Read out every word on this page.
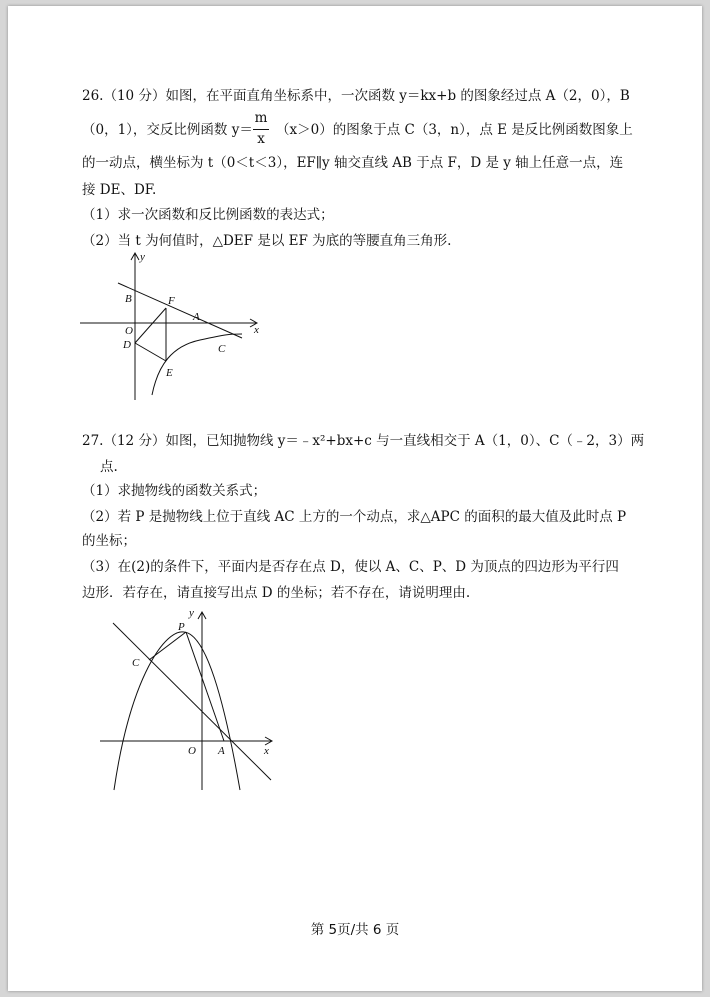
26.（10 分）如图，在平面直角坐标系中，一次函数 y＝kx+b 的图象经过点 A（2，0），B
（0，1），交反比例函数 y＝
m
x
（x＞0）的图象于点 C（3，n），点 E 是反比例函数图象上
的一动点，横坐标为 t（0＜t＜3），EF∥y 轴交直线 AB 于点 F，D 是 y 轴上任意一点，连
接 DE、DF.
（1）求一次函数和反比例函数的表达式；
（2）当 t 为何值时，△DEF 是以 EF 为底的等腰直角三角形.
y
x
B	F
A
O
D	C
E
27.（12 分）如图，已知抛物线 y＝﹣x²+bx+c 与一直线相交于 A（1，0）、C（﹣2，3）两
点.
（1）求抛物线的函数关系式；
（2）若 P 是抛物线上位于直线 AC 上方的一个动点，求△APC 的面积的最大值及此时点 P
的坐标；
（3）在(2)的条件下，平面内是否存在点 D，使以 A、C、P、D 为顶点的四边形为平行四
边形．若存在，请直接写出点 D 的坐标；若不存在，请说明理由.
y
x
P
C
O A
第 5页/共 6 页
